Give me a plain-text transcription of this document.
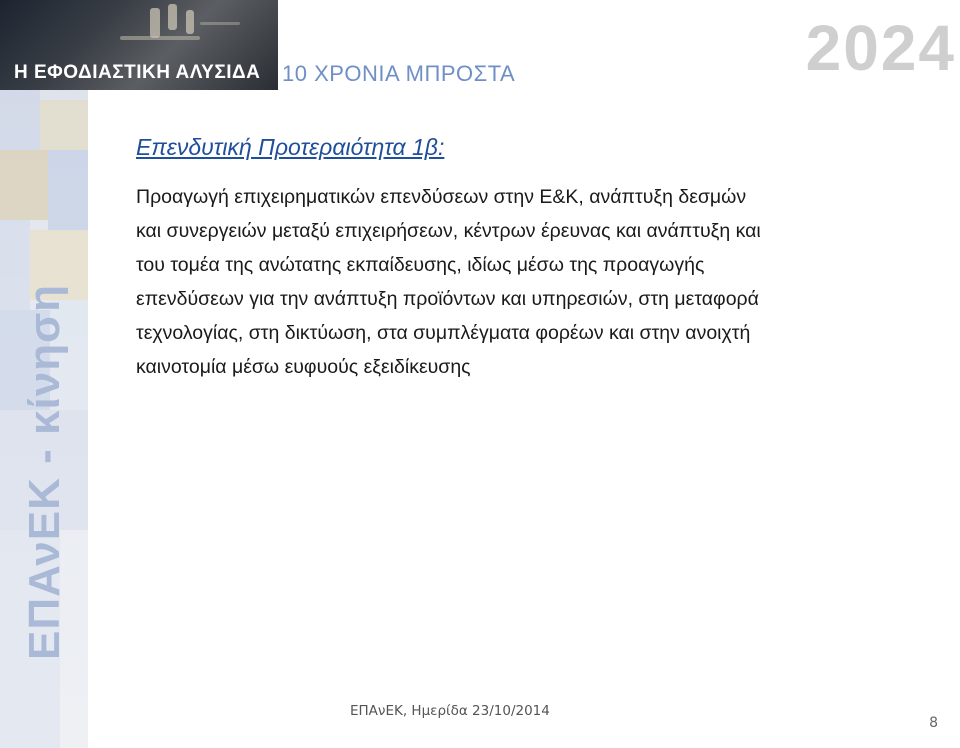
Η ΕΦΟΔΙΑΣΤΙΚΗ ΑΛΥΣΙΔΑ 10 ΧΡΟΝΙΑ ΜΠΡΟΣΤΑ	2024
ΕΠΑνΕΚ - κίνηση
Επενδυτική Προτεραιότητα 1β:

Προαγωγή επιχειρηματικών επενδύσεων στην Ε&Κ, ανάπτυξη δεσμών
και συνεργειών μεταξύ επιχειρήσεων, κέντρων έρευνας και ανάπτυξη και
του τομέα της ανώτατης εκπαίδευσης, ιδίως μέσω της προαγωγής
επενδύσεων για την ανάπτυξη προϊόντων και υπηρεσιών, στη μεταφορά
τεχνολογίας, στη δικτύωση, στα συμπλέγματα φορέων και στην ανοιχτή
καινοτομία μέσω ευφυούς εξειδίκευσης

ΕΠΑνΕΚ, Ημερίδα 23/10/2014
8
